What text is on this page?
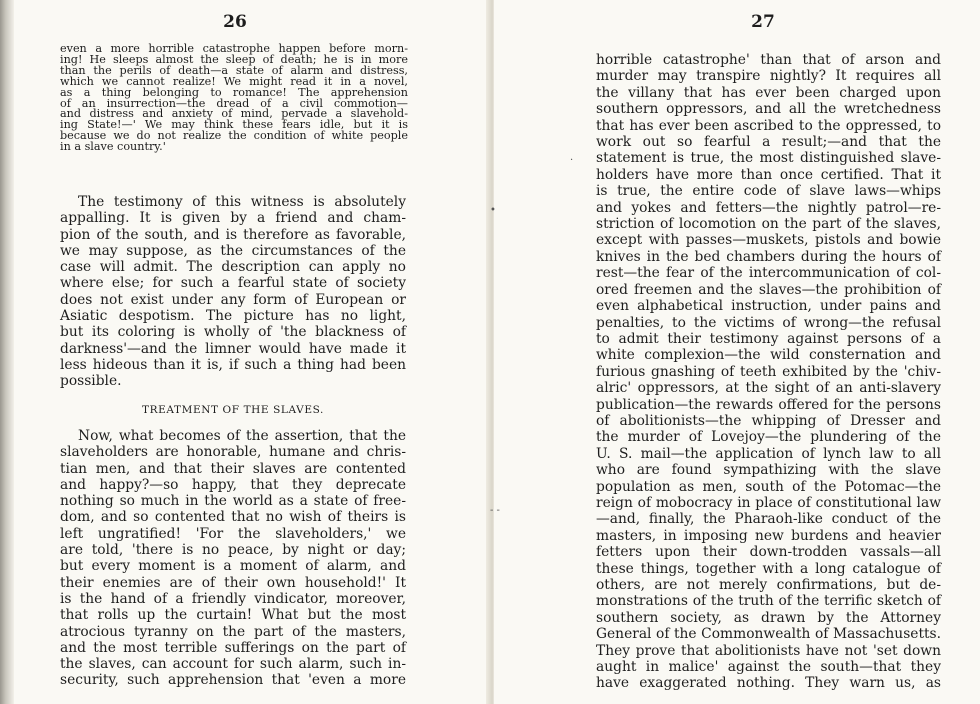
26
even a more horrible catastrophe happen before morn-
ing! He sleeps almost the sleep of death; he is in more
than the perils of death—a state of alarm and distress,
which we cannot realize! We might read it in a novel,
as a thing belonging to romance! The apprehension
of an insurrection—the dread of a civil commotion—
and distress and anxiety of mind, pervade a slavehold-
ing State!—' We may think these fears idle, but it is
because we do not realize the condition of white people
in a slave country.'
The testimony of this witness is absolutely
appalling. It is given by a friend and cham-
pion of the south, and is therefore as favorable,
we may suppose, as the circumstances of the
case will admit. The description can apply no
where else; for such a fearful state of society
does not exist under any form of European or
Asiatic despotism. The picture has no light,
but its coloring is wholly of 'the blackness of
darkness'—and the limner would have made it
less hideous than it is, if such a thing had been
possible.
TREATMENT OF THE SLAVES.
Now, what becomes of the assertion, that the
slaveholders are honorable, humane and chris-
tian men, and that their slaves are contented
and happy?—so happy, that they deprecate
nothing so much in the world as a state of free-
dom, and so contented that no wish of theirs is
left ungratified! 'For the slaveholders,' we
are told, 'there is no peace, by night or day;
but every moment is a moment of alarm, and
their enemies are of their own household!' It
is the hand of a friendly vindicator, moreover,
that rolls up the curtain! What but the most
atrocious tyranny on the part of the masters,
and the most terrible sufferings on the part of
the slaves, can account for such alarm, such in-
security, such apprehension that 'even a more
27
•
- -
·
horrible catastrophe' than that of arson and
murder may transpire nightly? It requires all
the villany that has ever been charged upon
southern oppressors, and all the wretchedness
that has ever been ascribed to the oppressed, to
work out so fearful a result;—and that the
statement is true, the most distinguished slave-
holders have more than once certified. That it
is true, the entire code of slave laws—whips
and yokes and fetters—the nightly patrol—re-
striction of locomotion on the part of the slaves,
except with passes—muskets, pistols and bowie
knives in the bed chambers during the hours of
rest—the fear of the intercommunication of col-
ored freemen and the slaves—the prohibition of
even alphabetical instruction, under pains and
penalties, to the victims of wrong—the refusal
to admit their testimony against persons of a
white complexion—the wild consternation and
furious gnashing of teeth exhibited by the 'chiv-
alric' oppressors, at the sight of an anti-slavery
publication—the rewards offered for the persons
of abolitionists—the whipping of Dresser and
the murder of Lovejoy—the plundering of the
U. S. mail—the application of lynch law to all
who are found sympathizing with the slave
population as men, south of the Potomac—the
reign of mobocracy in place of constitutional law
—and, finally, the Pharaoh-like conduct of the
masters, in imposing new burdens and heavier
fetters upon their down-trodden vassals—all
these things, together with a long catalogue of
others, are not merely confirmations, but de-
monstrations of the truth of the terrific sketch of
southern society, as drawn by the Attorney
General of the Commonwealth of Massachusetts.
They prove that abolitionists have not 'set down
aught in malice' against the south—that they
have exaggerated nothing. They warn us, as
